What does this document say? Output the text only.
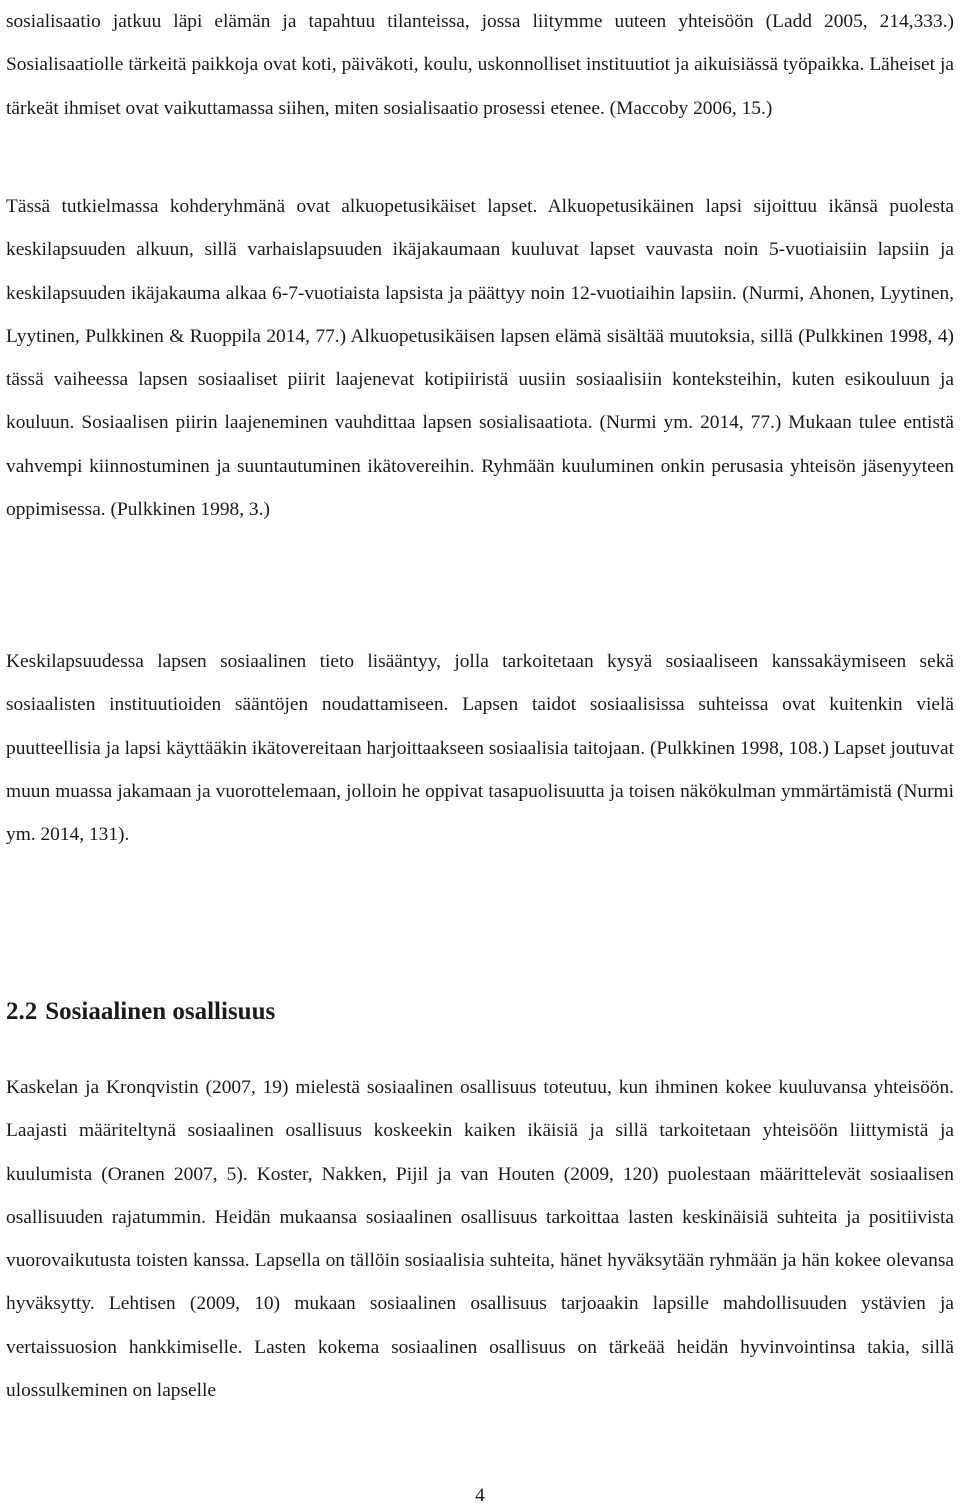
sosialisaatio jatkuu läpi elämän ja tapahtuu tilanteissa, jossa liitymme uuteen yhteisöön (Ladd 2005, 214,333.) Sosialisaatiolle tärkeitä paikkoja ovat koti, päiväkoti, koulu, uskonnolliset instituutiot ja aikuisiässä työpaikka. Läheiset ja tärkeät ihmiset ovat vaikuttamassa siihen, miten sosialisaatio prosessi etenee. (Maccoby 2006, 15.)

Tässä tutkielmassa kohderyhmänä ovat alkuopetusikäiset lapset. Alkuopetusikäinen lapsi sijoittuu ikänsä puolesta keskilapsuuden alkuun, sillä varhaislapsuuden ikäjakaumaan kuuluvat lapset vauvasta noin 5-vuotiaisiin lapsiin ja keskilapsuuden ikäjakauma alkaa 6-7-vuotiaista lapsista ja päättyy noin 12-vuotiaihin lapsiin. (Nurmi, Ahonen, Lyytinen, Lyytinen, Pulkkinen & Ruoppila 2014, 77.) Alkuopetusikäisen lapsen elämä sisältää muutoksia, sillä (Pulkkinen 1998, 4) tässä vaiheessa lapsen sosiaaliset piirit laajenevat kotipiiristä uusiin sosiaalisiin konteksteihin, kuten esikouluun ja kouluun. Sosiaalisen piirin laajeneminen vauhdittaa lapsen sosialisaatiota. (Nurmi ym. 2014, 77.) Mukaan tulee entistä vahvempi kiinnostuminen ja suuntautuminen ikätovereihin. Ryhmään kuuluminen onkin perusasia yhteisön jäsenyyteen oppimisessa. (Pulkkinen 1998, 3.)

Keskilapsuudessa lapsen sosiaalinen tieto lisääntyy, jolla tarkoitetaan kysyä sosiaaliseen kanssakäymiseen sekä sosiaalisten instituutioiden sääntöjen noudattamiseen. Lapsen taidot sosiaalisissa suhteissa ovat kuitenkin vielä puutteellisia ja lapsi käyttääkin ikätovereitaan harjoittaakseen sosiaalisia taitojaan. (Pulkkinen 1998, 108.) Lapset joutuvat muun muassa jakamaan ja vuorottelemaan, jolloin he oppivat tasapuolisuutta ja toisen näkökulman ymmärtämistä (Nurmi ym. 2014, 131).

2.2 Sosiaalinen osallisuus

Kaskelan ja Kronqvistin (2007, 19) mielestä sosiaalinen osallisuus toteutuu, kun ihminen kokee kuuluvansa yhteisöön. Laajasti määriteltynä sosiaalinen osallisuus koskeekin kaiken ikäisiä ja sillä tarkoitetaan yhteisöön liittymistä ja kuulumista (Oranen 2007, 5). Koster, Nakken, Pijil ja van Houten (2009, 120) puolestaan määrittelevät sosiaalisen osallisuuden rajatummin. Heidän mukaansa sosiaalinen osallisuus tarkoittaa lasten keskinäisiä suhteita ja positiivista vuorovaikutusta toisten kanssa. Lapsella on tällöin sosiaalisia suhteita, hänet hyväksytään ryhmään ja hän kokee olevansa hyväksytty. Lehtisen (2009, 10) mukaan sosiaalinen osallisuus tarjoaakin lapsille mahdollisuuden ystävien ja vertaissuosion hankkimiselle. Lasten kokema sosiaalinen osallisuus on tärkeää heidän hyvinvointinsa takia, sillä ulossulkeminen on lapselle

4
